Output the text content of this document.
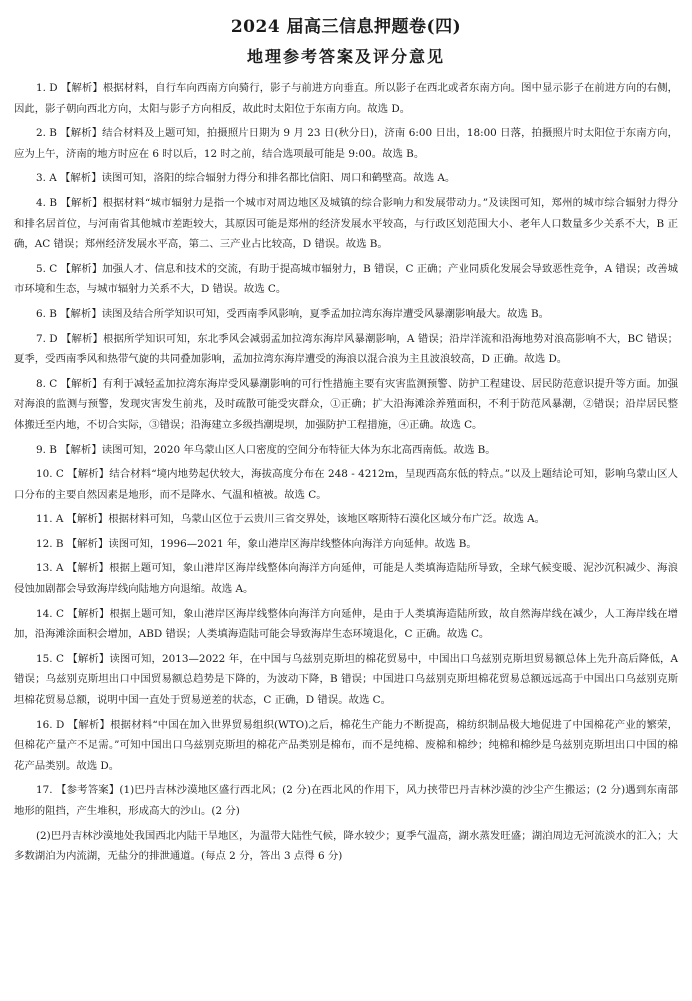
2024 届高三信息押题卷(四)
地理参考答案及评分意见

1. D 【解析】根据材料，自行车向西南方向骑行，影子与前进方向垂直。所以影子在西北或者东南方向。图中显示影子在前进方向的右侧，因此，影子朝向西北方向，太阳与影子方向相反，故此时太阳位于东南方向。故选 D。

2. B 【解析】结合材料及上题可知，拍摄照片日期为 9 月 23 日(秋分日)，济南 6:00 日出，18:00 日落，拍摄照片时太阳位于东南方向，应为上午，济南的地方时应在 6 时以后，12 时之前，结合选项最可能是 9:00。故选 B。

3. A 【解析】读图可知，洛阳的综合辐射力得分和排名都比信阳、周口和鹤壁高。故选 A。

4. B 【解析】根据材料“城市辐射力是指一个城市对周边地区及城镇的综合影响力和发展带动力。”及读图可知，郑州的城市综合辐射力得分和排名居首位，与河南省其他城市差距较大，其原因可能是郑州的经济发展水平较高，与行政区划范围大小、老年人口数量多少关系不大，B 正确，AC 错误；郑州经济发展水平高，第二、三产业占比较高，D 错误。故选 B。

5. C 【解析】加强人才、信息和技术的交流，有助于提高城市辐射力，B 错误，C 正确；产业同质化发展会导致恶性竞争，A 错误；改善城市环境和生态，与城市辐射力关系不大，D 错误。故选 C。

6. B 【解析】读图及结合所学知识可知，受西南季风影响，夏季孟加拉湾东海岸遭受风暴潮影响最大。故选 B。

7. D 【解析】根据所学知识可知，东北季风会减弱孟加拉湾东海岸风暴潮影响，A 错误；沿岸洋流和沿海地势对浪高影响不大，BC 错误；夏季，受西南季风和热带气旋的共同叠加影响，孟加拉湾东海岸遭受的海浪以混合浪为主且波浪较高，D 正确。故选 D。

8. C 【解析】有利于减轻孟加拉湾东海岸受风暴潮影响的可行性措施主要有灾害监测预警、防护工程建设、居民防范意识提升等方面。加强对海浪的监测与预警，发现灾害发生前兆，及时疏散可能受灾群众，①正确；扩大沿海滩涂养殖面积，不利于防范风暴潮，②错误；沿岸居民整体搬迁至内地，不切合实际，③错误；沿海建立多级挡潮堤坝，加强防护工程措施，④正确。故选 C。

9. B 【解析】读图可知，2020 年乌蒙山区人口密度的空间分布特征大体为东北高西南低。故选 B。

10. C 【解析】结合材料“境内地势起伏较大，海拔高度分布在 248 - 4212m，呈现西高东低的特点。”以及上题结论可知，影响乌蒙山区人口分布的主要自然因素是地形，而不是降水、气温和植被。故选 C。

11. A 【解析】根据材料可知，乌蒙山区位于云贵川三省交界处，该地区喀斯特石漠化区域分布广泛。故选 A。

12. B 【解析】读图可知，1996—2021 年，象山港岸区海岸线整体向海洋方向延伸。故选 B。

13. A 【解析】根据上题可知，象山港岸区海岸线整体向海洋方向延伸，可能是人类填海造陆所导致，全球气候变暖、泥沙沉积减少、海浪侵蚀加剧都会导致海岸线向陆地方向退缩。故选 A。

14. C 【解析】根据上题可知，象山港岸区海岸线整体向海洋方向延伸，是由于人类填海造陆所致，故自然海岸线在减少，人工海岸线在增加，沿海滩涂面积会增加，ABD 错误；人类填海造陆可能会导致海岸生态环境退化，C 正确。故选 C。

15. C 【解析】读图可知，2013—2022 年，在中国与乌兹别克斯坦的棉花贸易中，中国出口乌兹别克斯坦贸易额总体上先升高后降低，A 错误；乌兹别克斯坦出口中国贸易额总趋势是下降的，为波动下降，B 错误；中国进口乌兹别克斯坦棉花贸易总额远远高于中国出口乌兹别克斯坦棉花贸易总额，说明中国一直处于贸易逆差的状态，C 正确，D 错误。故选 C。

16. D 【解析】根据材料“中国在加入世界贸易组织(WTO)之后，棉花生产能力不断提高，棉纺织制品极大地促进了中国棉花产业的繁荣，但棉花产量产不足需。”可知中国出口乌兹别克斯坦的棉花产品类别是棉布，而不是纯棉、废棉和棉纱；纯棉和棉纱是乌兹别克斯坦出口中国的棉花产品类别。故选 D。

17. 【参考答案】(1)巴丹吉林沙漠地区盛行西北风；(2 分)在西北风的作用下，风力挟带巴丹吉林沙漠的沙尘产生搬运；(2 分)遇到东南部地形的阻挡，产生堆积，形成高大的沙山。(2 分)

(2)巴丹吉林沙漠地处我国西北内陆干旱地区，为温带大陆性气候，降水较少；夏季气温高，湖水蒸发旺盛；湖泊周边无河流淡水的汇入；大多数湖泊为内流湖，无盐分的排泄通道。(每点 2 分，答出 3 点得 6 分)
